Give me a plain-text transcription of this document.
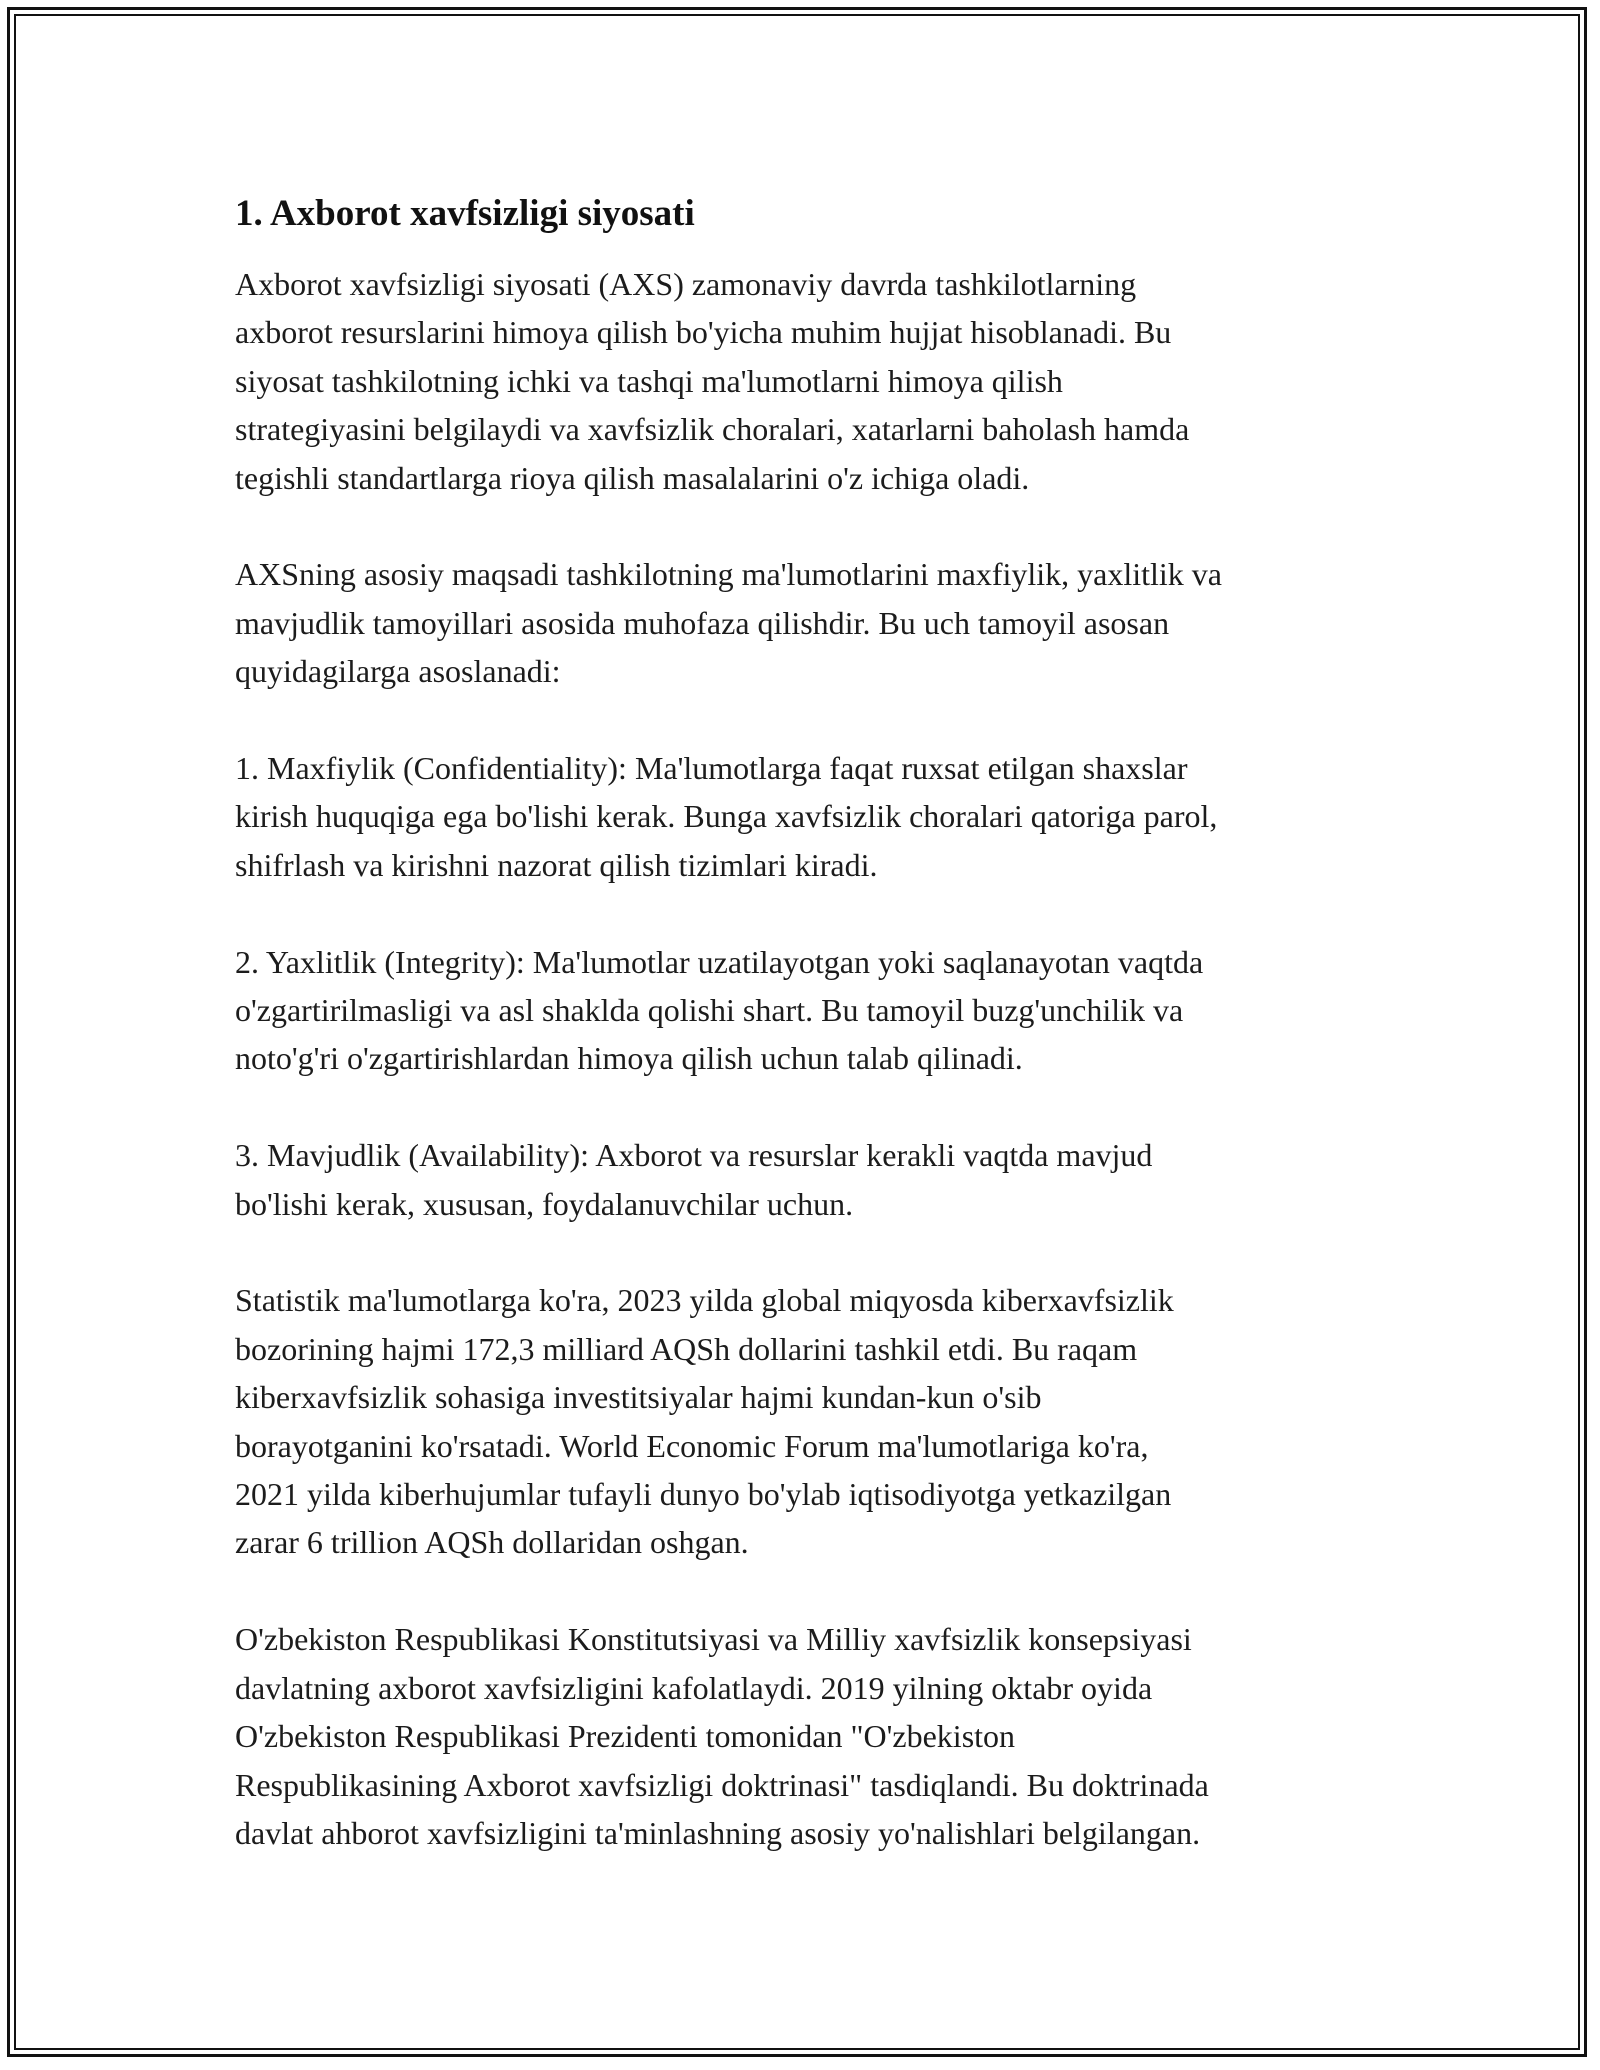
1. Axborot xavfsizligi siyosati

Axborot xavfsizligi siyosati (AXS) zamonaviy davrda tashkilotlarning
axborot resurslarini himoya qilish bo'yicha muhim hujjat hisoblanadi. Bu
siyosat tashkilotning ichki va tashqi ma'lumotlarni himoya qilish
strategiyasini belgilaydi va xavfsizlik choralari, xatarlarni baholash hamda
tegishli standartlarga rioya qilish masalalarini o'z ichiga oladi.

AXSning asosiy maqsadi tashkilotning ma'lumotlarini maxfiylik, yaxlitlik va
mavjudlik tamoyillari asosida muhofaza qilishdir. Bu uch tamoyil asosan
quyidagilarga asoslanadi:

1. Maxfiylik (Confidentiality): Ma'lumotlarga faqat ruxsat etilgan shaxslar
kirish huquqiga ega bo'lishi kerak. Bunga xavfsizlik choralari qatoriga parol,
shifrlash va kirishni nazorat qilish tizimlari kiradi.

2. Yaxlitlik (Integrity): Ma'lumotlar uzatilayotgan yoki saqlanayotan vaqtda
o'zgartirilmasligi va asl shaklda qolishi shart. Bu tamoyil buzg'unchilik va
noto'g'ri o'zgartirishlardan himoya qilish uchun talab qilinadi.

3. Mavjudlik (Availability): Axborot va resurslar kerakli vaqtda mavjud
bo'lishi kerak, xususan, foydalanuvchilar uchun.

Statistik ma'lumotlarga ko'ra, 2023 yilda global miqyosda kiberxavfsizlik
bozorining hajmi 172,3 milliard AQSh dollarini tashkil etdi. Bu raqam
kiberxavfsizlik sohasiga investitsiyalar hajmi kundan-kun o'sib
borayotganini ko'rsatadi. World Economic Forum ma'lumotlariga ko'ra,
2021 yilda kiberhujumlar tufayli dunyo bo'ylab iqtisodiyotga yetkazilgan
zarar 6 trillion AQSh dollaridan oshgan.

O'zbekiston Respublikasi Konstitutsiyasi va Milliy xavfsizlik konsepsiyasi
davlatning axborot xavfsizligini kafolatlaydi. 2019 yilning oktabr oyida
O'zbekiston Respublikasi Prezidenti tomonidan "O'zbekiston
Respublikasining Axborot xavfsizligi doktrinasi" tasdiqlandi. Bu doktrinada
davlat ahborot xavfsizligini ta'minlashning asosiy yo'nalishlari belgilangan.
